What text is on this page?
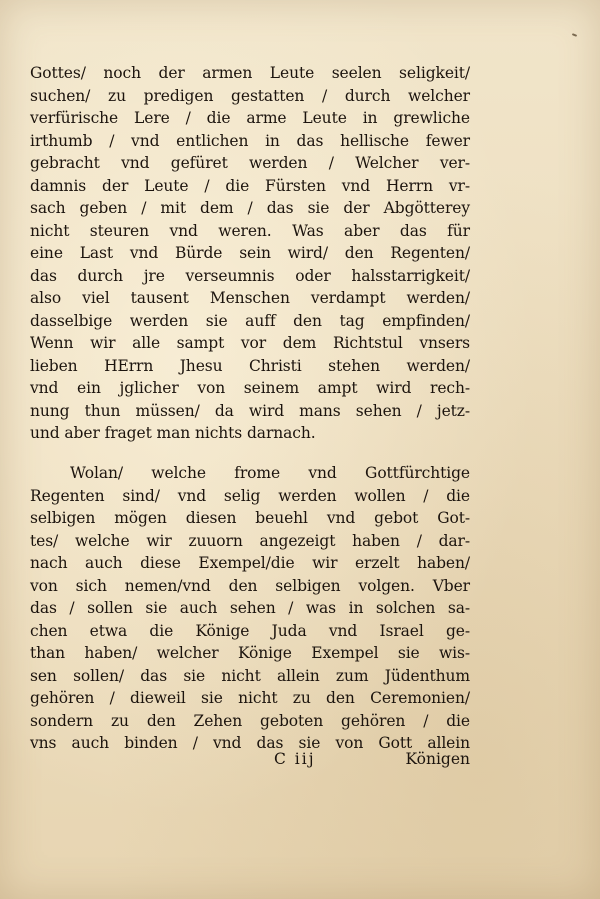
Gottes/ noch der armen Leute seelen seligkeit/
suchen/ zu predigen gestatten / durch welcher
verfürische Lere / die arme Leute in grewliche
irthumb / vnd entlichen in das hellische fewer
gebracht vnd gefüret werden / Welcher ver-
damnis der Leute / die Fürsten vnd Herrn vr-
sach geben / mit dem / das sie der Abgötterey
nicht steuren vnd weren. Was aber das für
eine Last vnd Bürde sein wird/ den Regenten/
das durch jre verseumnis oder halsstarrigkeit/
also viel tausent Menschen verdampt werden/
dasselbige werden sie auff den tag empfinden/
Wenn wir alle sampt vor dem Richtstul vnsers
lieben HErrn Jhesu Christi stehen werden/
vnd ein jglicher von seinem ampt wird rech-
nung thun müssen/ da wird mans sehen / jetz-
und aber fraget man nichts darnach.
Wolan/ welche frome vnd Gottfürchtige
Regenten sind/ vnd selig werden wollen / die
selbigen mögen diesen beuehl vnd gebot Got-
tes/ welche wir zuuorn angezeigt haben / dar-
nach auch diese Exempel/die wir erzelt haben/
von sich nemen/vnd den selbigen volgen. Vber
das / sollen sie auch sehen / was in solchen sa-
chen etwa die Könige Juda vnd Israel ge-
than haben/ welcher Könige Exempel sie wis-
sen sollen/ das sie nicht allein zum Jüdenthum
gehören / dieweil sie nicht zu den Ceremonien/
sondern zu den Zehen geboten gehören / die
vns auch binden / vnd das sie von Gott allein
C iij	Königen
